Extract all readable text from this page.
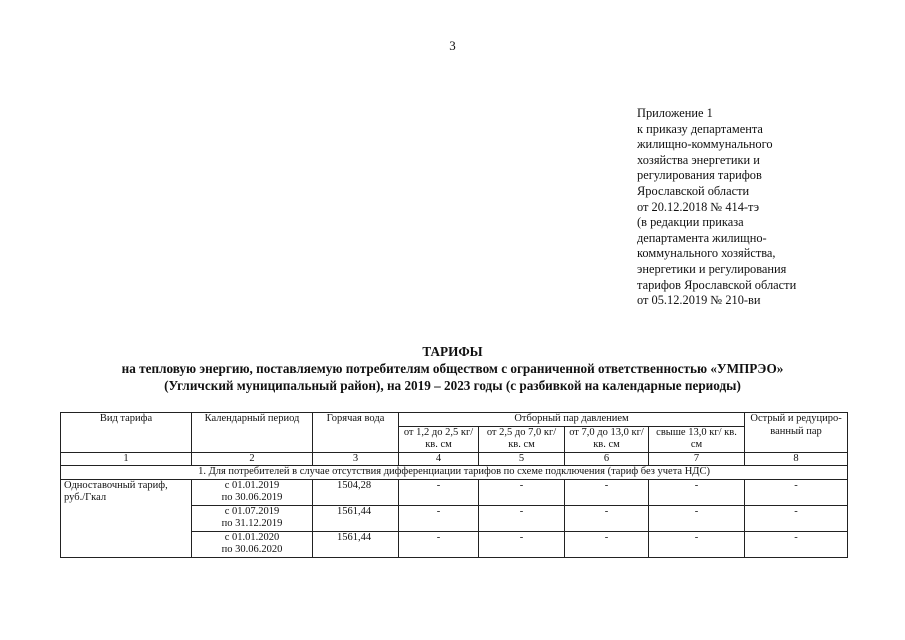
3
Приложение 1
к приказу департамента
жилищно-коммунального
хозяйства энергетики и
регулирования тарифов
Ярославской области
от 20.12.2018 № 414-тэ
(в редакции приказа
департамента жилищно-
коммунального хозяйства,
энергетики и регулирования
тарифов Ярославской области
от 05.12.2019 № 210-ви
ТАРИФЫ
на тепловую энергию, поставляемую потребителям обществом с ограниченной ответственностью «УМПРЭО»
(Угличский муниципальный район), на 2019 – 2023 годы (с разбивкой на календарные периоды)
Вид тарифа	Календарный период	Горячая вода	Отборный пар давлением				Острый и редуциро-ванный пар
			от 1,2 до 2,5 кг/ кв. см	от 2,5 до 7,0 кг/ кв. см	от 7,0 до 13,0 кг/ кв. см	свыше 13,0 кг/ кв. см	
1	2	3	4	5	6	7	8
1. Для потребителей в случае отсутствия дифференциации тарифов по схеме подключения (тариф без учета НДС)							
Одноставочный тариф, руб./Гкал	с 01.01.2019
по 30.06.2019	1504,28	-	-	-	-	-

	с 01.07.2019
по 31.12.2019	1561,44	-	-	-	-	-

	с 01.01.2020
по 30.06.2020	1561,44	-	-	-	-	-
